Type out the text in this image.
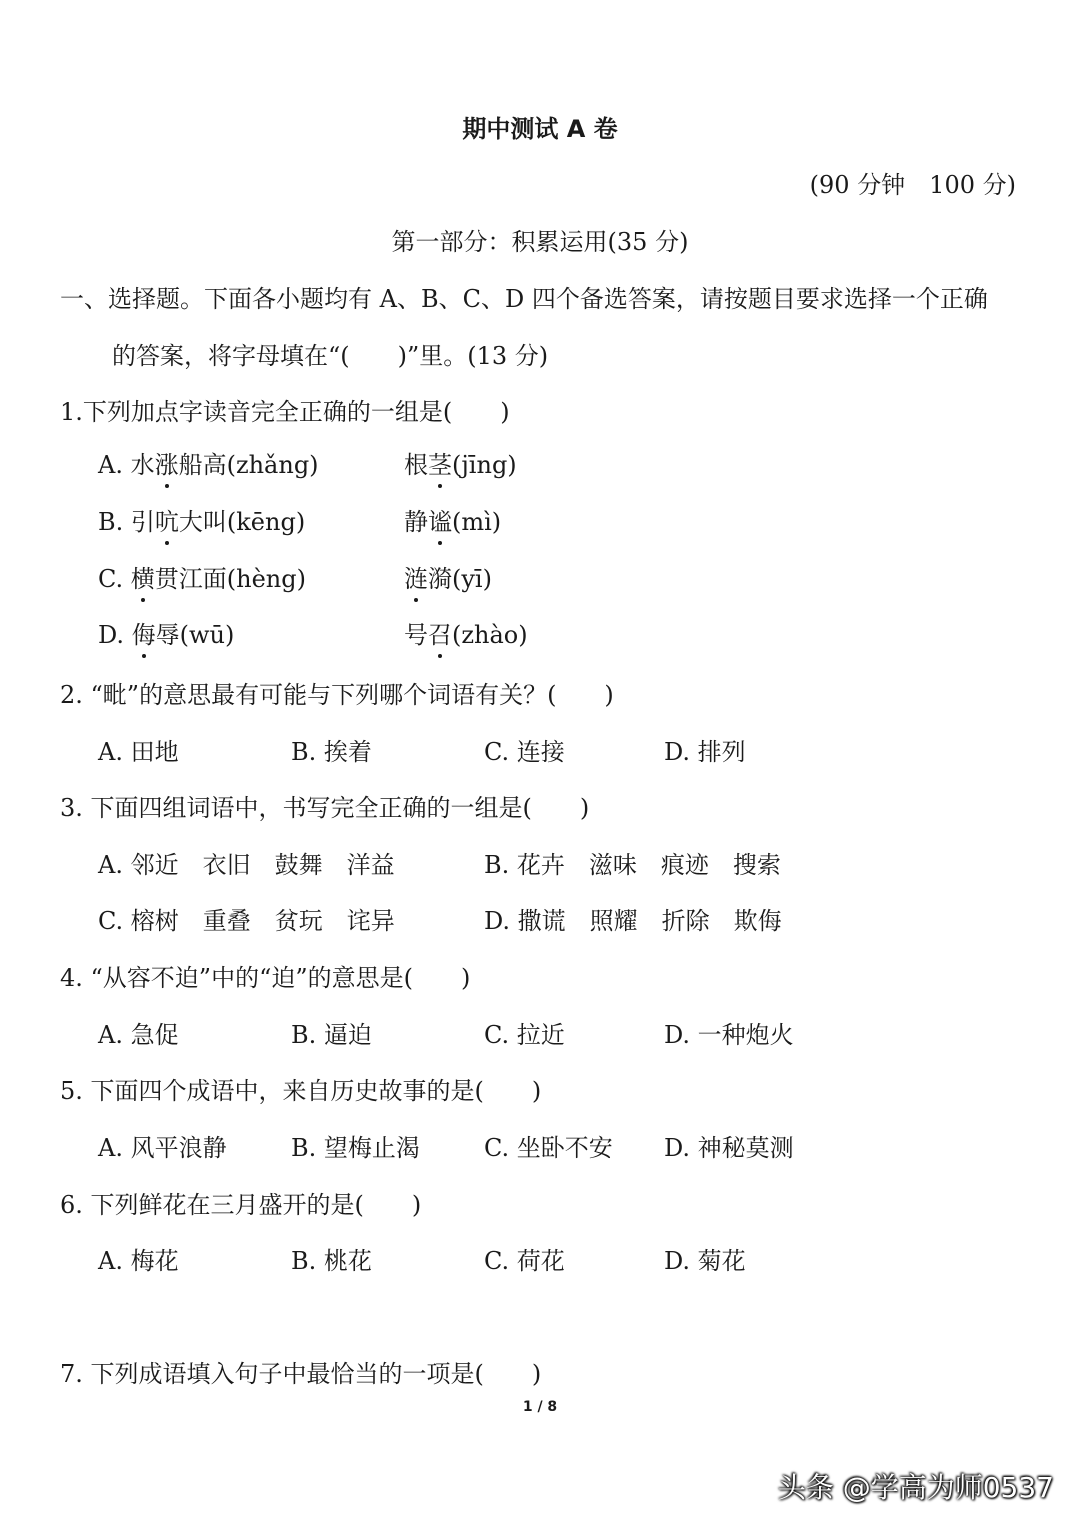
期中测试 A 卷
(90 分钟　100 分)
第一部分：积累运用(35 分)
一、选择题。下面各小题均有 A、B、C、D 四个备选答案，请按题目要求选择一个正确
的答案，将字母填在“(　　)”里。(13 分)
1.下列加点字读音完全正确的一组是(　　)
A. 水涨船高(zhǎng)	根茎(jīng)
B. 引吭大叫(kēng)	静谧(mì)
C. 横贯江面(hèng)	涟漪(yī)
D. 侮辱(wū)	号召(zhào)
2. “毗”的意思最有可能与下列哪个词语有关？(　　)
A. 田地	B. 挨着	C. 连接	D. 排列
3. 下面四组词语中，书写完全正确的一组是(　　)
A. 邻近　衣旧　鼓舞　洋益	B. 花卉　滋味　痕迹　搜索
C. 榕树　重叠　贫玩　诧异	D. 撒谎　照耀　折除　欺侮
4. “从容不迫”中的“迫”的意思是(　　)
A. 急促	B. 逼迫	C. 拉近	D. 一种炮火
5. 下面四个成语中，来自历史故事的是(　　)
A. 风平浪静	B. 望梅止渴	C. 坐卧不安 D. 神秘莫测
6. 下列鲜花在三月盛开的是(　　)
A. 梅花	B. 桃花	C. 荷花	D. 菊花
7. 下列成语填入句子中最恰当的一项是(　　)
1 / 8
头条 @学高为师0537
